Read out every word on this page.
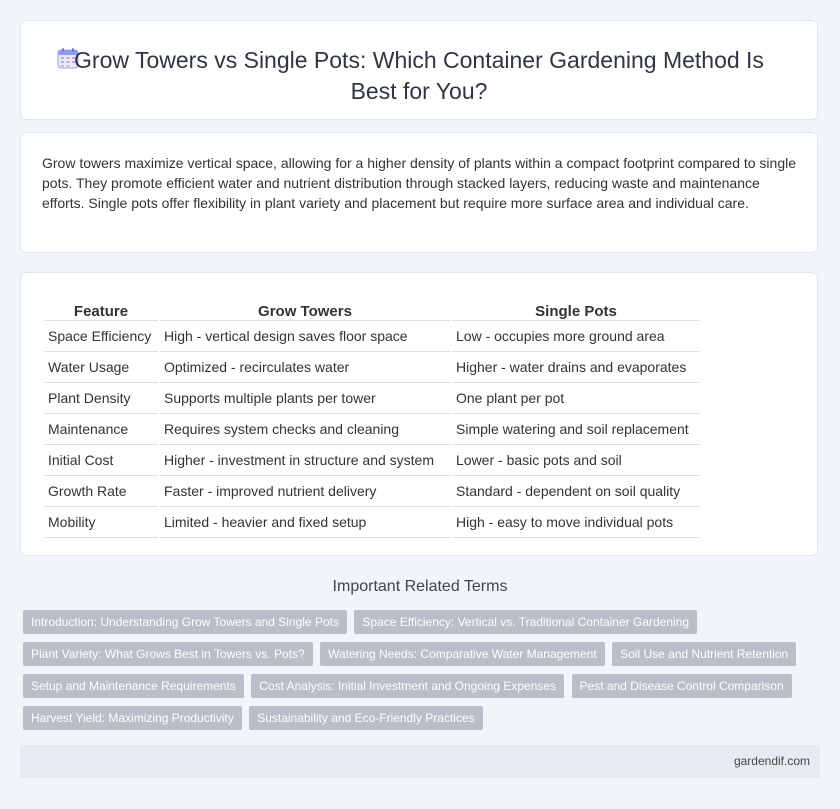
Grow Towers vs Single Pots: Which Container Gardening Method Is Best for You?

Grow towers maximize vertical space, allowing for a higher density of plants within a compact footprint compared to single pots. They promote efficient water and nutrient distribution through stacked layers, reducing waste and maintenance efforts. Single pots offer flexibility in plant variety and placement but require more surface area and individual care.

Feature	Grow Towers	Single Pots
Space Efficiency	High - vertical design saves floor space	Low - occupies more ground area
Water Usage	Optimized - recirculates water	Higher - water drains and evaporates
Plant Density	Supports multiple plants per tower	One plant per pot
Maintenance	Requires system checks and cleaning	Simple watering and soil replacement
Initial Cost	Higher - investment in structure and system	Lower - basic pots and soil
Growth Rate	Faster - improved nutrient delivery	Standard - dependent on soil quality
Mobility	Limited - heavier and fixed setup	High - easy to move individual pots
Important Related Terms
Introduction: Understanding Grow Towers and Single Pots Space Efficiency: Vertical vs. Traditional Container Gardening Plant Variety: What Grows Best in Towers vs. Pots? Watering Needs: Comparative Water Management Soil Use and Nutrient Retention Setup and Maintenance Requirements Cost Analysis: Initial Investment and Ongoing Expenses Pest and Disease Control Comparison Harvest Yield: Maximizing Productivity Sustainability and Eco-Friendly Practices
gardendif.com
